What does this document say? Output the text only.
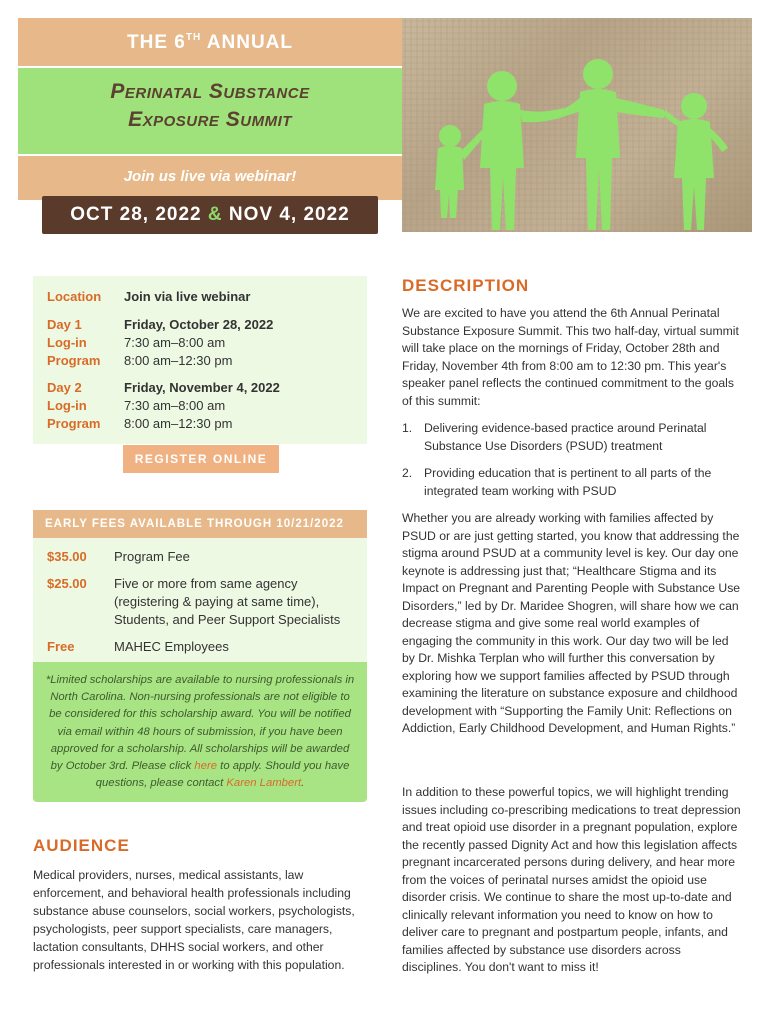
THE 6TH ANNUAL
Perinatal Substance
Exposure Summit
Join us live via webinar!
OCT 28, 2022 & NOV 4, 2022
Location	Join via live webinar
Day 1	Friday, October 28, 2022
Log-in	7:30 am–8:00 am
Program	8:00 am–12:30 pm
Day 2	Friday, November 4, 2022
Log-in	7:30 am–8:00 am
Program	8:00 am–12:30 pm
REGISTER ONLINE
EARLY FEES AVAILABLE THROUGH 10/21/2022
$35.00	Program Fee
$25.00	Five or more from same agency (registering & paying at same time), Students, and Peer Support Specialists
Free	MAHEC Employees
*Limited scholarships are available to nursing professionals in North Carolina. Non-nursing professionals are not eligible to be considered for this scholarship award. You will be notified via email within 48 hours of submission, if you have been approved for a scholarship. All scholarships will be awarded by October 3rd. Please click here to apply. Should you have questions, please contact Karen Lambert.
AUDIENCE
Medical providers, nurses, medical assistants, law enforcement, and behavioral health professionals including substance abuse counselors, social workers, psychologists, psychologists, peer support specialists, care managers, lactation consultants, DHHS social workers, and other professionals interested in or working with this population.
DESCRIPTION
We are excited to have you attend the 6th Annual Perinatal Substance Exposure Summit. This two half-day, virtual summit will take place on the mornings of Friday, October 28th and Friday, November 4th from 8:00 am to 12:30 pm. This year's speaker panel reflects the continued commitment to the goals of this summit:
1. Delivering evidence-based practice around Perinatal Substance Use Disorders (PSUD) treatment
2. Providing education that is pertinent to all parts of the integrated team working with PSUD
Whether you are already working with families affected by PSUD or are just getting started, you know that addressing the stigma around PSUD at a community level is key. Our day one keynote is addressing just that; “Healthcare Stigma and its Impact on Pregnant and Parenting People with Substance Use Disorders,” led by Dr. Maridee Shogren, will share how we can decrease stigma and give some real world examples of engaging the community in this work. Our day two will be led by Dr. Mishka Terplan who will further this conversation by exploring how we support families affected by PSUD through examining the literature on substance exposure and childhood development with “Supporting the Family Unit: Reflections on Addiction, Early Childhood Development, and Human Rights.”
In addition to these powerful topics, we will highlight trending issues including co-prescribing medications to treat depression and treat opioid use disorder in a pregnant population, explore the recently passed Dignity Act and how this legislation affects pregnant incarcerated persons during delivery, and hear more from the voices of perinatal nurses amidst the opioid use disorder crisis. We continue to share the most up-to-date and clinically relevant information you need to know on how to deliver care to pregnant and postpartum people, infants, and families affected by substance use disorders across disciplines. You don't want to miss it!
